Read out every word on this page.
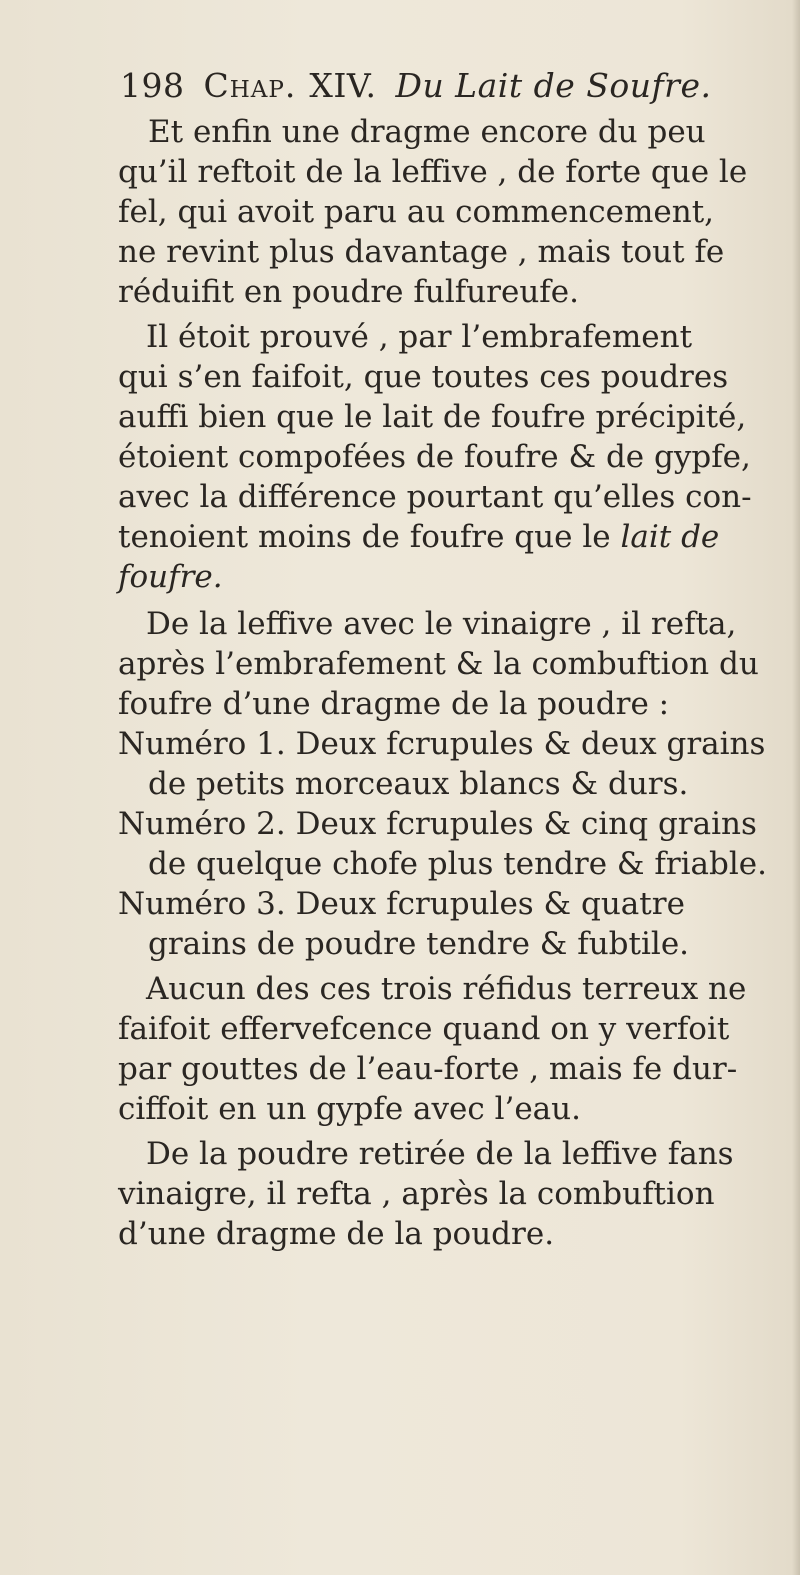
198 Chap. XIV. Du Lait de Soufre.
Et enfin une dragme encore du peu
qu’il reftoit de la leffive , de forte que le
fel, qui avoit paru au commencement,
ne revint plus davantage , mais tout fe
réduifit en poudre fulfureufe.
Il étoit prouvé , par l’embrafement
qui s’en faifoit, que toutes ces poudres
auffi bien que le lait de foufre précipité,
étoient compofées de foufre & de gypfe,
avec la différence pourtant qu’elles con-
tenoient moins de foufre que le lait de
foufre.
De la leffive avec le vinaigre , il refta,
après l’embrafement & la combuftion du
foufre d’une dragme de la poudre :
Numéro 1. Deux fcrupules & deux grains
de petits morceaux blancs & durs.
Numéro 2. Deux fcrupules & cinq grains
de quelque chofe plus tendre & friable.
Numéro 3. Deux fcrupules & quatre
grains de poudre tendre & fubtile.
Aucun des ces trois réfidus terreux ne
faifoit effervefcence quand on y verfoit
par gouttes de l’eau-forte , mais fe dur-
ciffoit en un gypfe avec l’eau.
De la poudre retirée de la leffive fans
vinaigre, il refta , après la combuftion
d’une dragme de la poudre.
